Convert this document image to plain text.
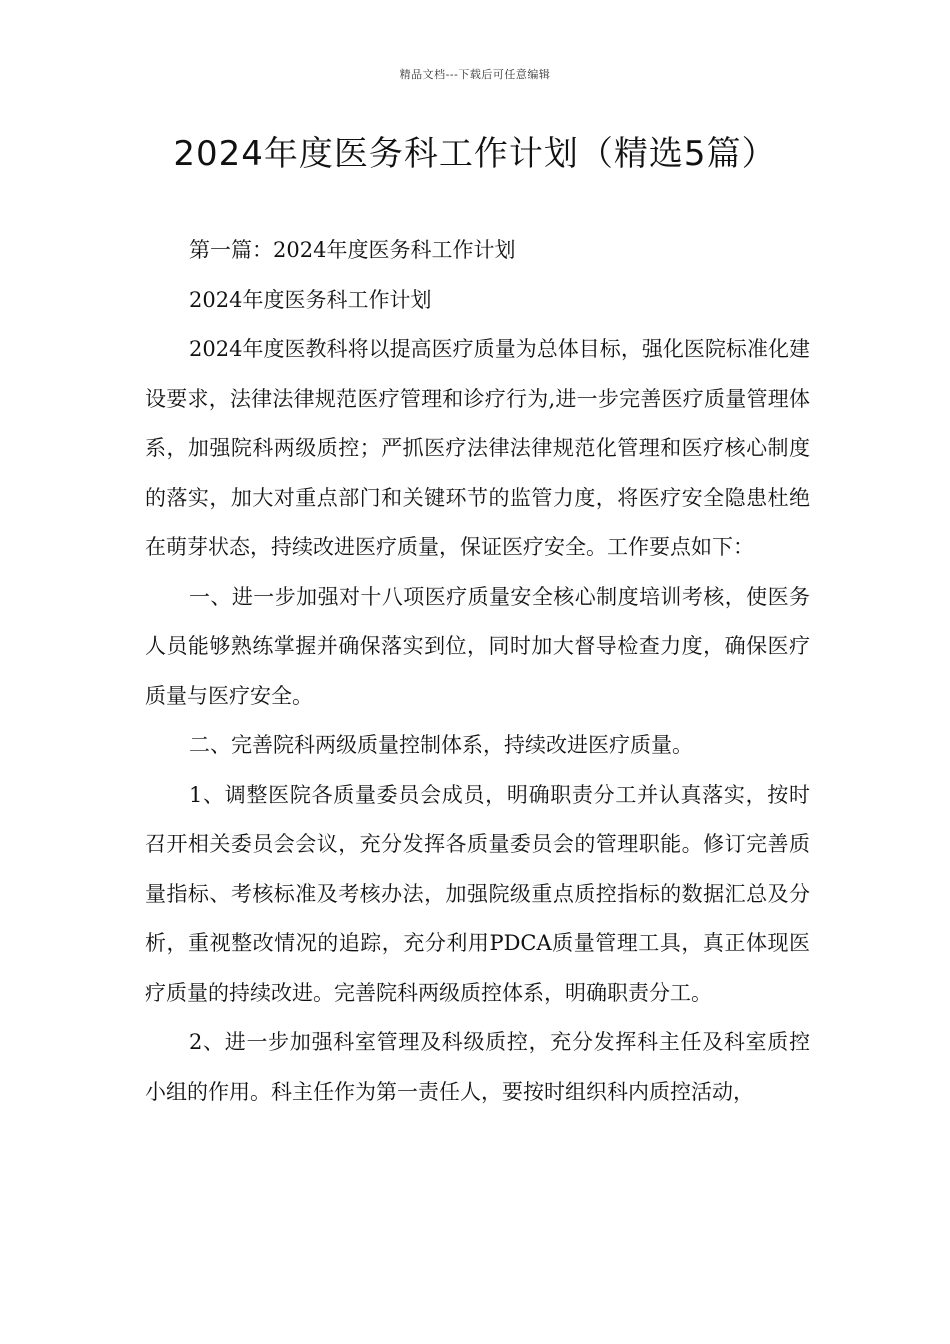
精品文档---下载后可任意编辑
2024年度医务科工作计划（精选5篇）

第一篇：2024年度医务科工作计划

2024年度医务科工作计划

2024年度医教科将以提高医疗质量为总体目标，强化医院标准化建设要求，法律法律规范医疗管理和诊疗行为,进一步完善医疗质量管理体系，加强院科两级质控；严抓医疗法律法律规范化管理和医疗核心制度的落实，加大对重点部门和关键环节的监管力度，将医疗安全隐患杜绝在萌芽状态，持续改进医疗质量，保证医疗安全。工作要点如下：

一、进一步加强对十八项医疗质量安全核心制度培训考核，使医务人员能够熟练掌握并确保落实到位，同时加大督导检查力度，确保医疗质量与医疗安全。

二、完善院科两级质量控制体系，持续改进医疗质量。

1、调整医院各质量委员会成员，明确职责分工并认真落实，按时召开相关委员会会议，充分发挥各质量委员会的管理职能。修订完善质量指标、考核标准及考核办法，加强院级重点质控指标的数据汇总及分析，重视整改情况的追踪，充分利用PDCA质量管理工具，真正体现医疗质量的持续改进。完善院科两级质控体系，明确职责分工。

2、进一步加强科室管理及科级质控，充分发挥科主任及科室质控小组的作用。科主任作为第一责任人，要按时组织科内质控活动，
